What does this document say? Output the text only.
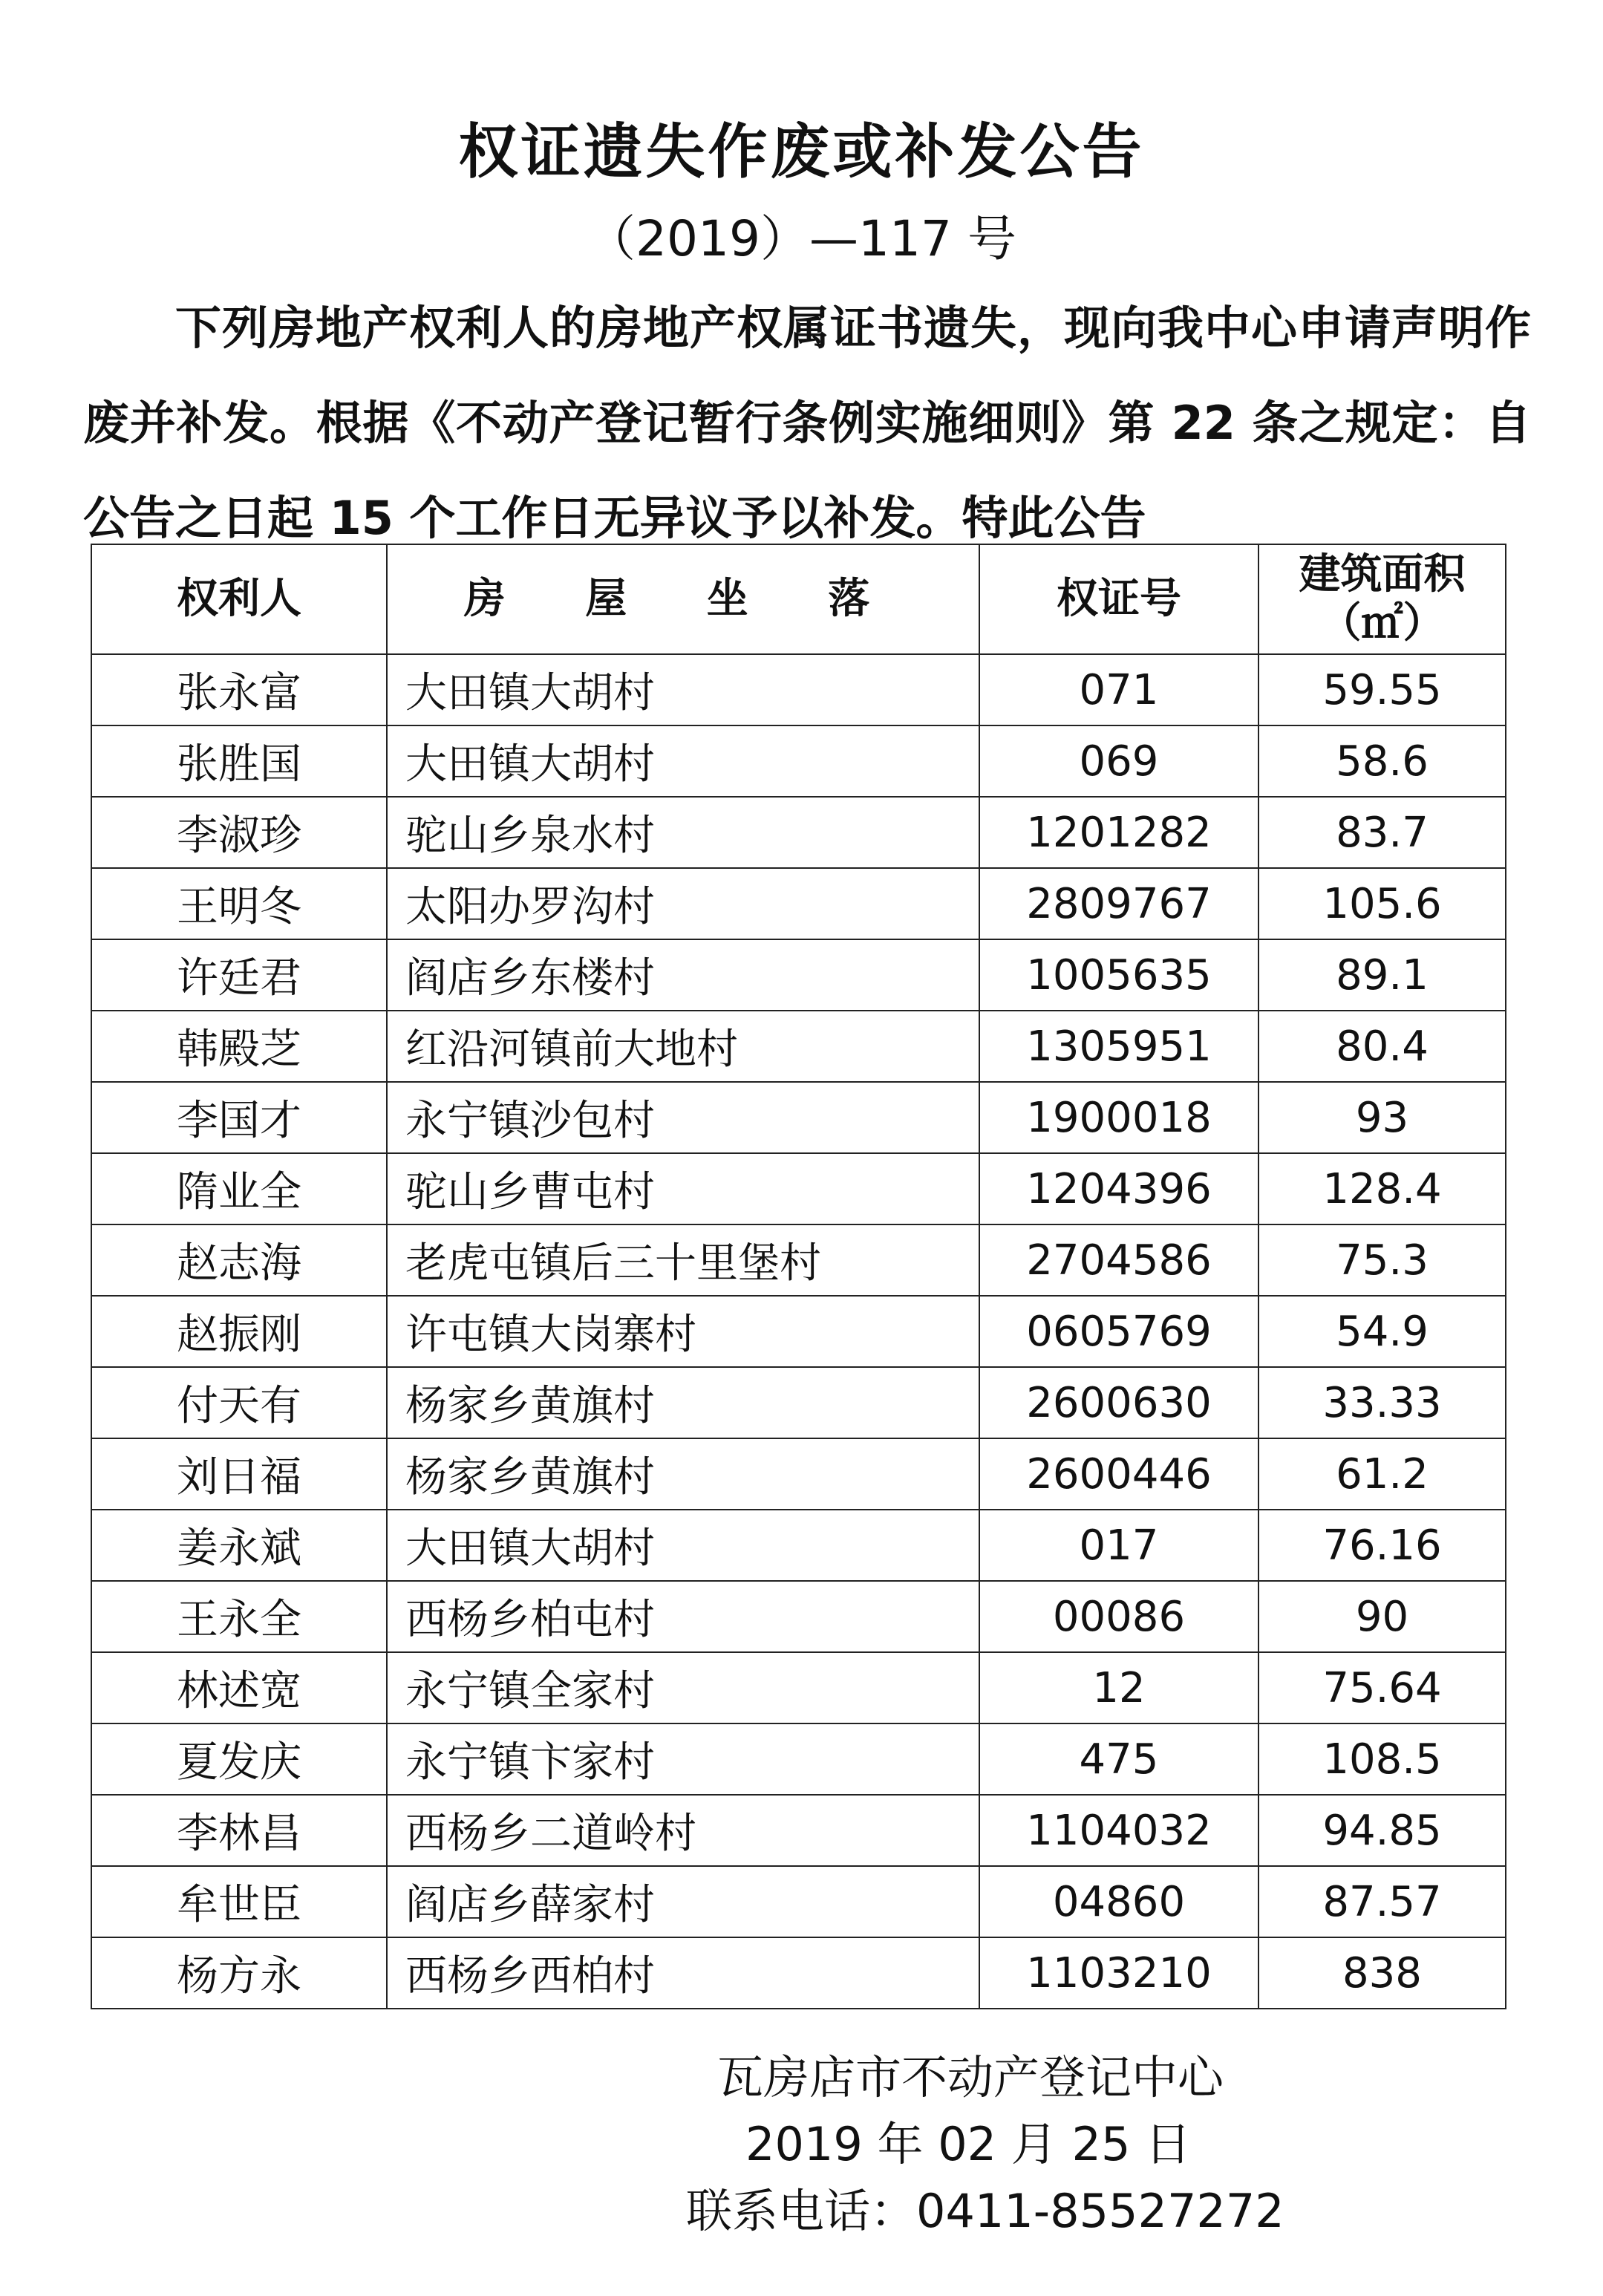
权证遗失作废或补发公告
（2019）—117 号
下列房地产权利人的房地产权属证书遗失，现向我中心申请声明作废并补发。根据《不动产登记暂行条例实施细则》第 22 条之规定：自公告之日起 15 个工作日无异议予以补发。特此公告
权利人	房 屋 坐 落	权证号	建筑面积
（㎡）

张永富	大田镇大胡村	071	59.55
张胜国	大田镇大胡村	069	58.6
李淑珍	驼山乡泉水村	1201282	83.7
王明冬	太阳办罗沟村	2809767	105.6
许廷君	阎店乡东楼村	1005635	89.1
韩殿芝	红沿河镇前大地村	1305951	80.4
李国才	永宁镇沙包村	1900018	93
隋业全	驼山乡曹屯村	1204396	128.4
赵志海	老虎屯镇后三十里堡村	2704586	75.3
赵振刚	许屯镇大岗寨村	0605769	54.9
付天有	杨家乡黄旗村	2600630	33.33
刘日福	杨家乡黄旗村	2600446	61.2
姜永斌	大田镇大胡村	017	76.16
王永全	西杨乡柏屯村	00086	90
林述宽	永宁镇全家村	12	75.64
夏发庆	永宁镇卞家村	475	108.5
李林昌	西杨乡二道岭村	1104032	94.85
牟世臣	阎店乡薛家村	04860	87.57
杨方永	西杨乡西柏村	1103210	838
瓦房店市不动产登记中心
2019 年 02 月 25 日
联系电话：0411-85527272
